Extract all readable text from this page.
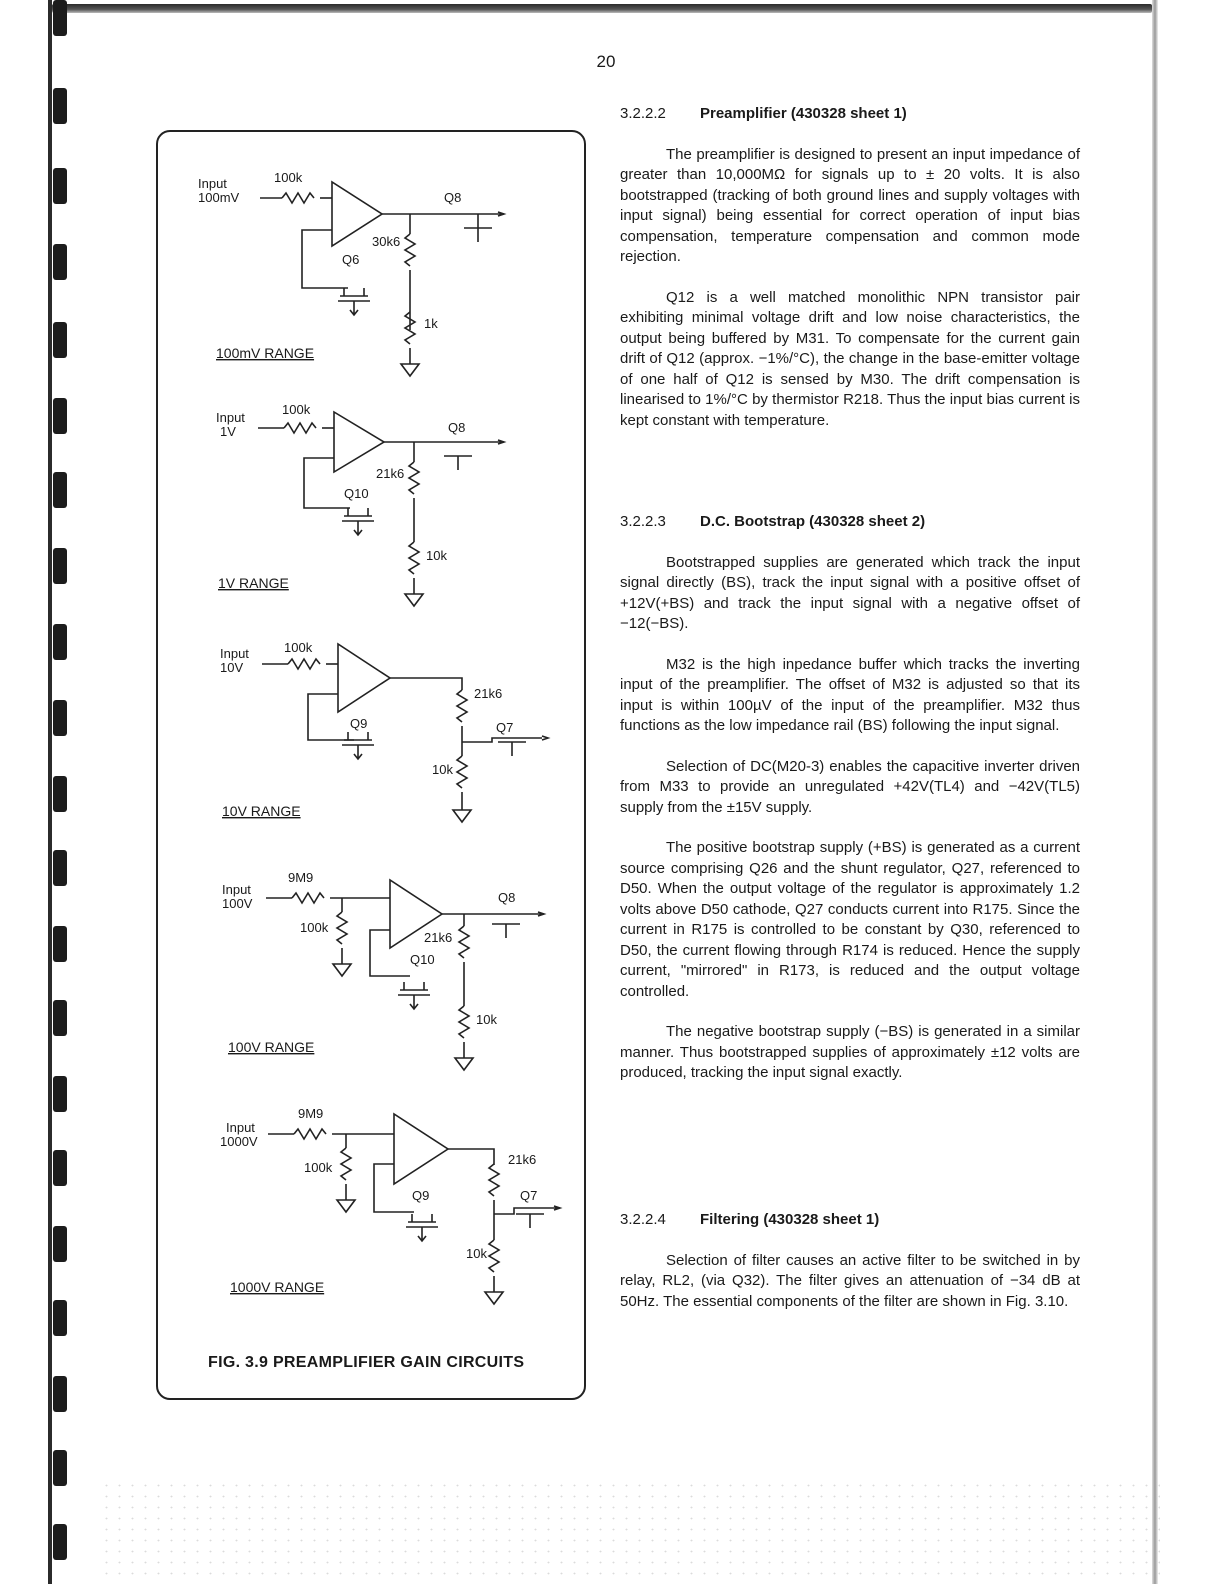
20
3.2.2.2 Preamplifier (430328 sheet 1)

The preamplifier is designed to present an input impedance of greater than 10,000MΩ for signals up to ± 20 volts. It is also bootstrapped (tracking of both ground lines and supply voltages with input signal) being essential for correct operation of input bias compensation, temperature compensation and common mode rejection.

Q12 is a well matched monolithic NPN transistor pair exhibiting minimal voltage drift and low noise characteristics, the output being buffered by M31. To compensate for the current gain drift of Q12 (approx. −1%/°C), the change in the base-emitter voltage of one half of Q12 is sensed by M30. The drift compensation is linearised to 1%/°C by thermistor R218. Thus the input bias current is kept constant with temperature.

3.2.2.3 D.C. Bootstrap (430328 sheet 2)

Bootstrapped supplies are generated which track the input signal directly (BS), track the input signal with a positive offset of +12V(+BS) and track the input signal with a negative offset of −12(−BS).

M32 is the high inpedance buffer which tracks the inverting input of the preamplifier. The offset of M32 is adjusted so that its input is within 100µV of the input of the preamplifier. M32 thus functions as the low impedance rail (BS) following the input signal.

Selection of DC(M20-3) enables the capacitive inverter driven from M33 to provide an unregulated +42V(TL4) and −42V(TL5) supply from the ±15V supply.

The positive bootstrap supply (+BS) is generated as a current source comprising Q26 and the shunt regulator, Q27, referenced to D50. When the output voltage of the regulator is approximately 1.2 volts above D50 cathode, Q27 conducts current into R175. Since the current in R175 is controlled to be constant by Q30, referenced to D50, the current flowing through R174 is reduced. Hence the supply current, "mirrored" in R173, is reduced and the output voltage controlled.

The negative bootstrap supply (−BS) is generated in a similar manner. Thus bootstrapped supplies of approximately ±12 volts are produced, tracking the input signal exactly.

3.2.2.4 Filtering (430328 sheet 1)

Selection of filter causes an active filter to be switched in by relay, RL2, (via Q32). The filter gives an attenuation of −34 dB at 50Hz. The essential components of the filter are shown in Fig. 3.10.

Input
100mV
100k
Q8
30k6
Q6
1k
100mV RANGE
Input
1V
100k
Q8
21k6
Q10
10k
1V RANGE
Input
10V
100k
21k6
Q9	Q7
10k
10V RANGE
Input
100V
9M9
100k
Q8
21k6
Q10
10k
100V RANGE
Input
1000V
9M9
100k
21k6
Q9	Q7
10k
1000V RANGE
FIG. 3.9 PREAMPLIFIER GAIN CIRCUITS
